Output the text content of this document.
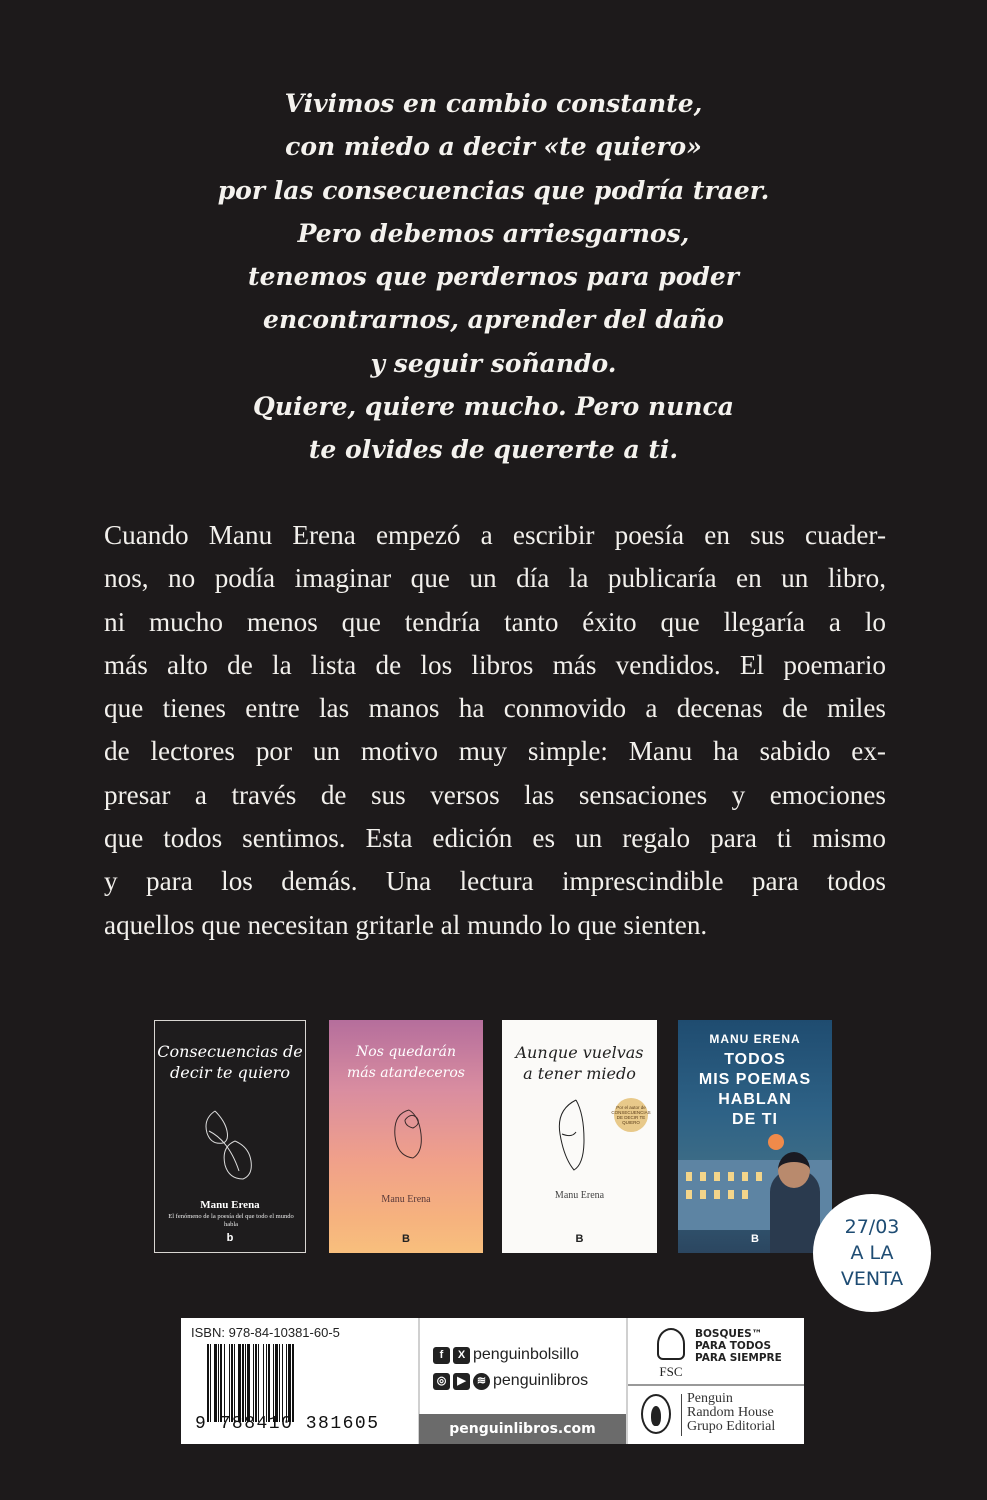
Vivimos en cambio constante,
con miedo a decir «te quiero»
por las consecuencias que podría traer.
Pero debemos arriesgarnos,
tenemos que perdernos para poder
encontrarnos, aprender del daño
y seguir soñando.
Quiere, quiere mucho. Pero nunca
te olvides de quererte a ti.
Cuando Manu Erena empezó a escribir poesía en sus cuader-
nos, no podía imaginar que un día la publicaría en un libro,
ni mucho menos que tendría tanto éxito que llegaría a lo
más alto de la lista de los libros más vendidos. El poemario
que tienes entre las manos ha conmovido a decenas de miles
de lectores por un motivo muy simple: Manu ha sabido ex-
presar a través de sus versos las sensaciones y emociones
que todos sentimos. Esta edición es un regalo para ti mismo
y para los demás. Una lectura imprescindible para todos
aquellos que necesitan gritarle al mundo lo que sienten.
Consecuencias de
decir te quiero
Manu Erena
El fenómeno de la poesía del que todo el mundo habla
b
Nos quedarán
más atardeceros
Manu Erena
B
Aunque vuelvas
a tener miedo
Por el autor de CONSECUENCIAS DE DECIR TE QUIERO
Manu Erena
B
MANU ERENA
TODOS
MIS POEMAS
HABLAN
DE TI
B
27/03
A LA
VENTA
ISBN: 978-84-10381-60-5
9 788410 381605
f	X penguinbolsillo
◎ ▶	≋ penguinlibros
penguinlibros.com
FSC
BOSQUES™
PARA TODOS
PARA SIEMPRE
Penguin
Random House
Grupo Editorial
